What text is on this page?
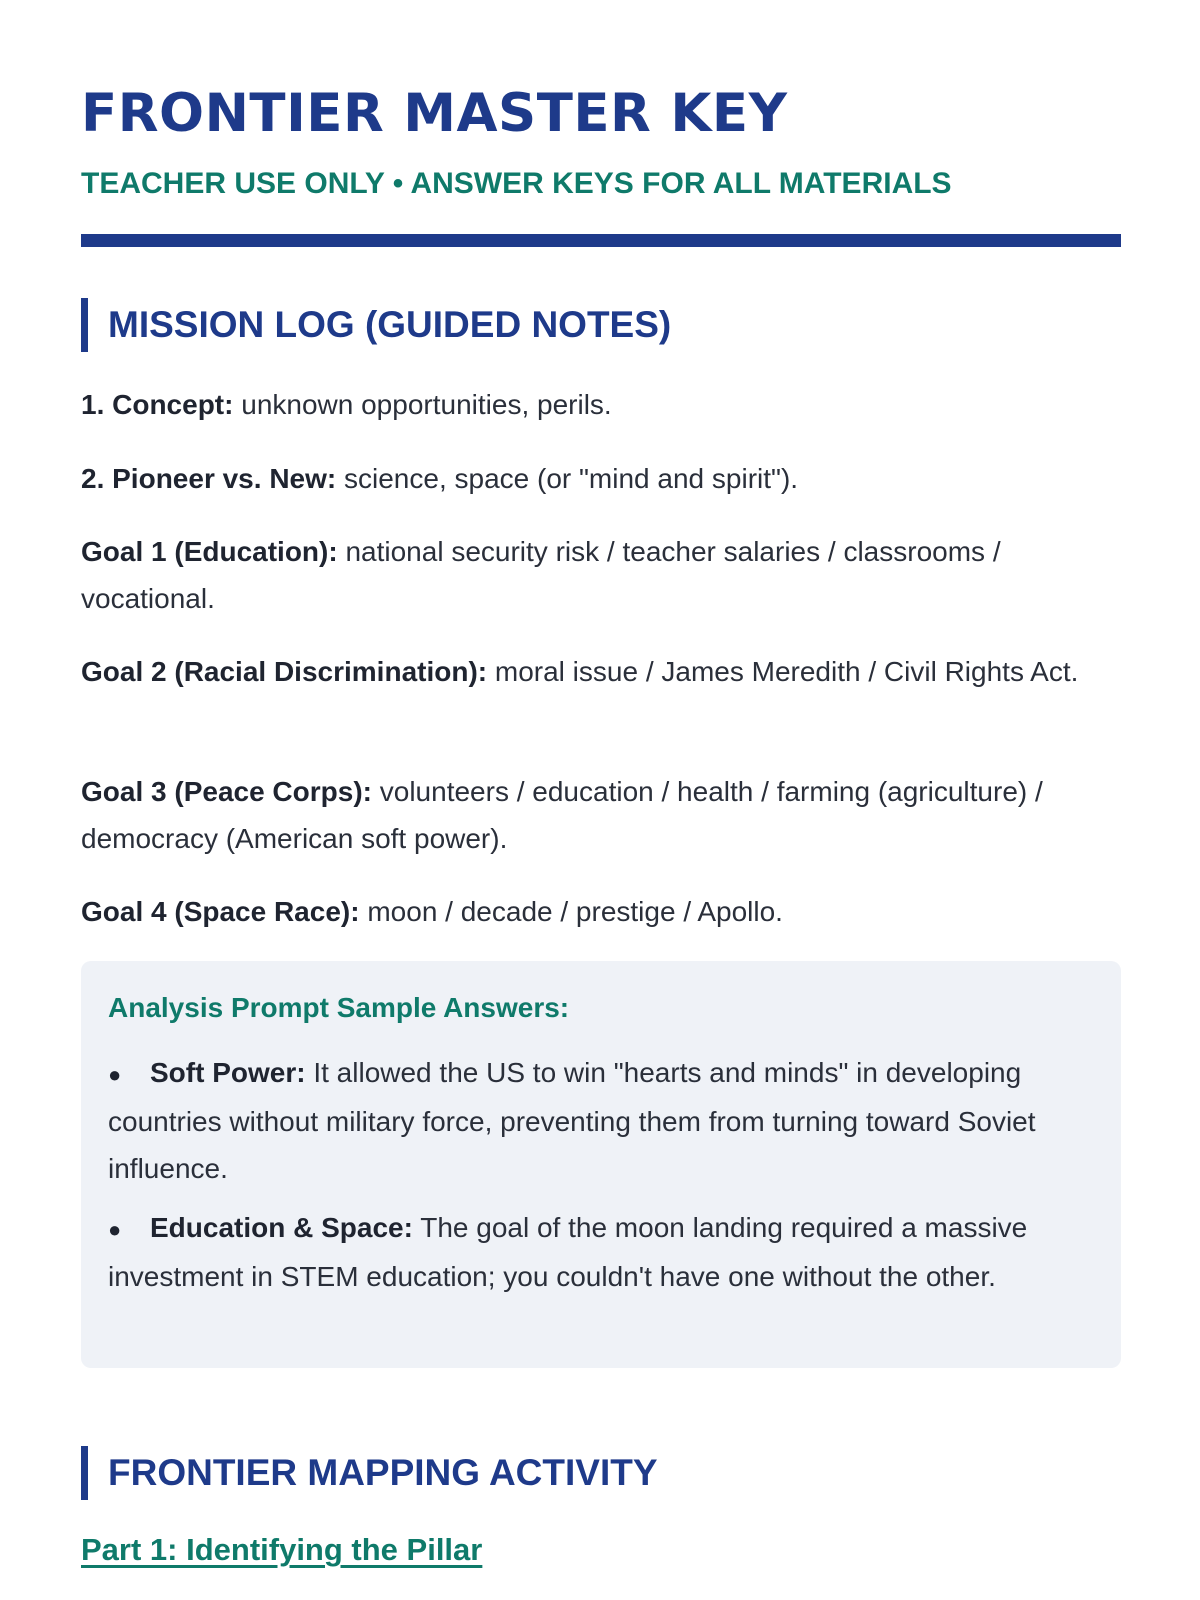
FRONTIER MASTER KEY
TEACHER USE ONLY • ANSWER KEYS FOR ALL MATERIALS
MISSION LOG (GUIDED NOTES)

1. Concept: unknown opportunities, perils.

2. Pioneer vs. New: science, space (or "mind and spirit").

Goal 1 (Education): national security risk / teacher salaries / classrooms / vocational.

Goal 2 (Racial Discrimination): moral issue / James Meredith / Civil Rights Act.

Goal 3 (Peace Corps): volunteers / education / health / farming (agriculture) / democracy (American soft power).

Goal 4 (Space Race): moon / decade / prestige / Apollo.

Analysis Prompt Sample Answers:
● Soft Power: It allowed the US to win "hearts and minds" in developing countries without military force, preventing them from turning toward Soviet influence.
● Education & Space: The goal of the moon landing required a massive investment in STEM education; you couldn't have one without the other.
FRONTIER MAPPING ACTIVITY
Part 1: Identifying the Pillar
